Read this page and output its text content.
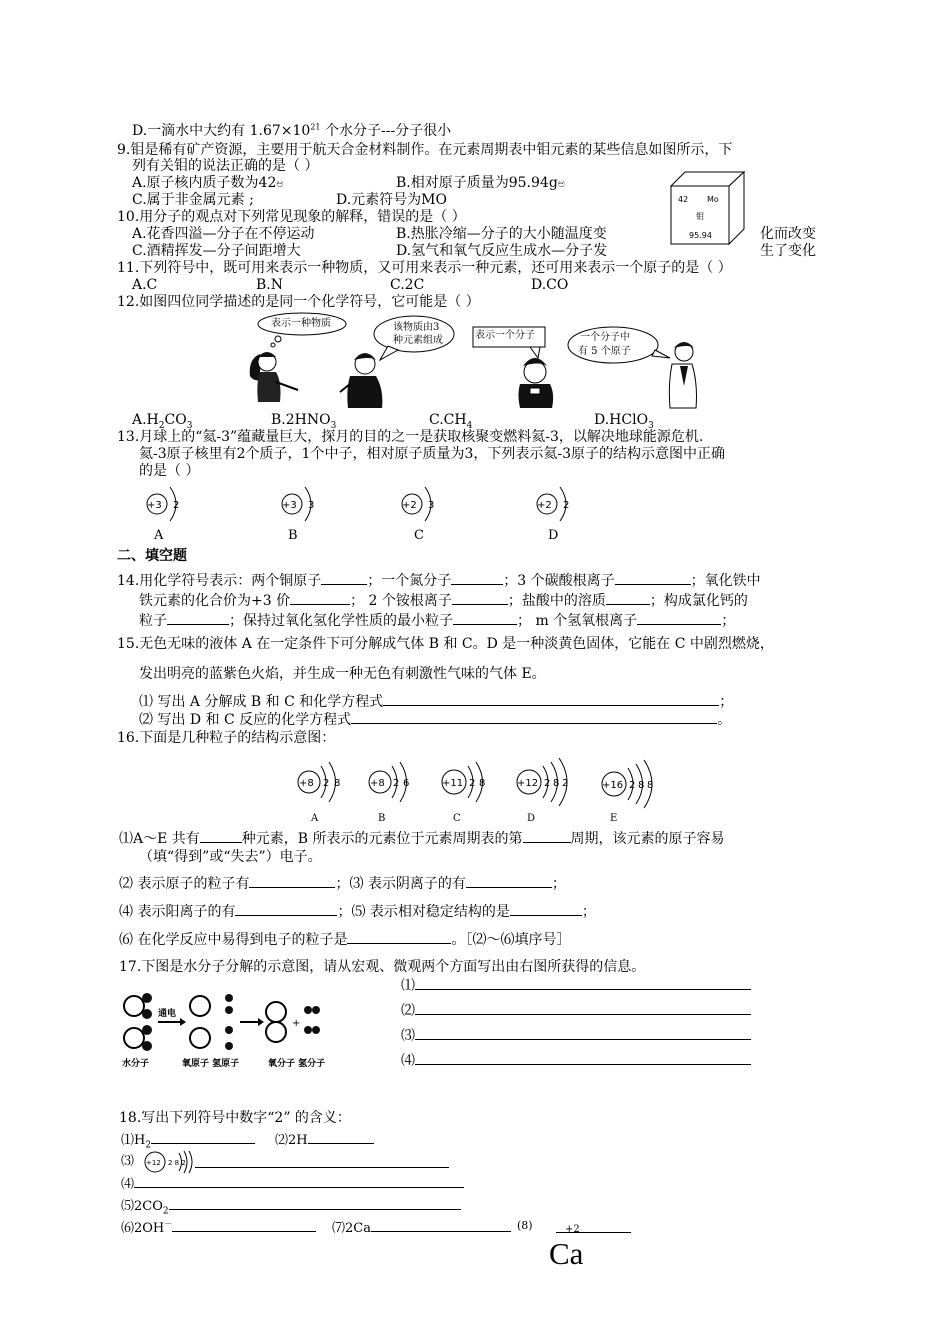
D.一滴水中大约有 $1.67\times 10^{21}$ 个水分子---分子很小
9.钼是稀有矿产资源，主要用于航天合金材料制作。在元素周期表中钼元素的某些信息如图所示，下
列有关钼的说法正确的是（ ）
A.原子核内质子数为42ಅ	B.相对原子质量为95.94gಅ
C.属于非金属元素 ;	D.元素符号为MO	42 Mo
钼
95.94
10.用分子的观点对下列常见现象的解释，错误的是（ ）
A.花香四溢—分子在不停运动	B.热胀冷缩—分子的大小随温度变	化而改变
C.酒精挥发—分子间距增大	D.氢气和氧气反应生成水—分子发	生了变化
11.下列符号中，既可用来表示一种物质，又可用来表示一种元素，还可用来表示一个原子的是（ ）
A.C	B.N	C.2C	D.CO
12.如图四位同学描述的是同一个化学符号，它可能是（ ）
表示一种物质	该物质由3
种元素组成	表示一个分子	一个分子中
有 5 个原子
$A.H_2CO_3$	$B.2HNO_3$	$C.CH_4$	D.HClO$_3$
13.月球上的“氦-3”蕴藏量巨大，探月的目的之一是获取核聚变燃料氦-3，以解决地球能源危机.
氦-3原子核里有2个质子，1个中子，相对原子质量为3，下列表示氦-3原子的结构示意图中正确
的是（ ）
+3 2	+3 3	+2 3	+2 2
A	B	C	D
二、填空题
14.用化学符号表示：两个铜原子	；一个氮分子	；3 个碳酸根离子	；氧化铁中
铁元素的化合价为+3 价	； 2 个铵根离子	；盐酸中的溶质	；构成氯化钙的
粒子	；保持过氧化氢化学性质的最小粒子	； m 个氢氧根离子	；
15.无色无味的液体 A 在一定条件下可分解成气体 B 和 C。D 是一种淡黄色固体，它能在 C 中剧烈燃烧，
发出明亮的蓝紫色火焰，并生成一种无色有刺激性气味的气体 E。
⑴ 写出 A 分解成 B 和 C 和化学方程式	；
⑵ 写出 D 和 C 反应的化学方程式	。
16.下面是几种粒子的结构示意图：
+8 2 8	+8 2 6	+11 2 8	+12 2 8 2	+16 2 8 8
A	B	C	D	E
⑴A～E 共有	种元素，B 所表示的元素位于元素周期表的第	周期，该元素的原子容易
（填“得到”或“失去”）电子。
⑵ 表示原子的粒子有	；⑶ 表示阴离子的有	；
⑷ 表示阳离子的有	；⑸ 表示相对稳定结构的是	；
⑹ 在化学反应中易得到电子的粒子是	。［⑵～⑹填序号］
17.下图是水分子分解的示意图，请从宏观、微观两个方面写出由右图所获得的信息。
通电
+
水分子	氧原子 氢原子	氧分子 氢分子
⑴
⑵
⑶
⑷
18.写出下列符号中数字“2” 的含义：
$⑴H_2$	⑵2H
⑶ +12 2 8 2
⑷
$⑸2CO_2$
⑹2OH－	⑺2Ca	(8)	+2
Ca
